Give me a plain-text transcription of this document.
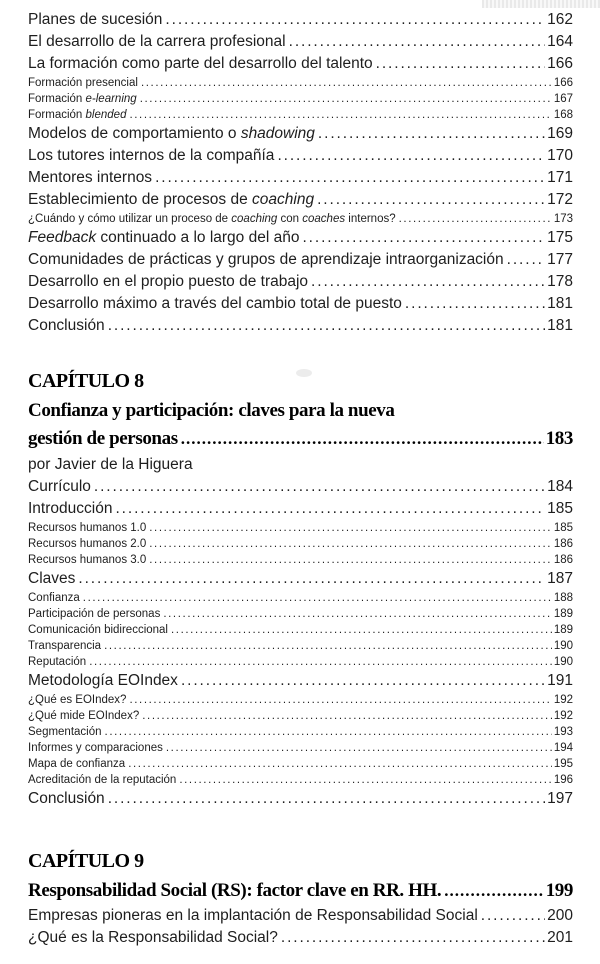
Planes de sucesión .....	162
El desarrollo de la carrera profesional .....	164
La formación como parte del desarrollo del talento .....	166
Formación presencial .....	166
Formación e-learning .....	167
Formación blended .....	168
Modelos de comportamiento o shadowing .....	169
Los tutores internos de la compañía .....	170
Mentores internos .....	171
Establecimiento de procesos de coaching .....	172
¿Cuándo y cómo utilizar un proceso de coaching con coaches internos? .....	173
Feedback continuado a lo largo del año .....	175
Comunidades de prácticas y grupos de aprendizaje intraorganización .....	177
Desarrollo en el propio puesto de trabajo .....	178
Desarrollo máximo a través del cambio total de puesto .....	181
Conclusión .....	181
CAPÍTULO 8
Confianza y participación: claves para la nueva
gestión de personas .....	183
por Javier de la Higuera
Currículo .....	184
Introducción .....	185
Recursos humanos 1.0 .....	185
Recursos humanos 2.0 .....	186
Recursos humanos 3.0 .....	186
Claves .....	187
Confianza .....	188
Participación de personas .....	189
Comunicación bidireccional .....	189
Transparencia .....	190
Reputación .....	190
Metodología EOIndex .....	191
¿Qué es EOIndex? .....	192
¿Qué mide EOIndex? .....	192
Segmentación .....	193
Informes y comparaciones .....	194
Mapa de confianza .....	195
Acreditación de la reputación .....	196
Conclusión .....	197
CAPÍTULO 9
Responsabilidad Social (RS): factor clave en RR. HH. .....	199
Empresas pioneras en la implantación de Responsabilidad Social .....	200
¿Qué es la Responsabilidad Social? .....	201
